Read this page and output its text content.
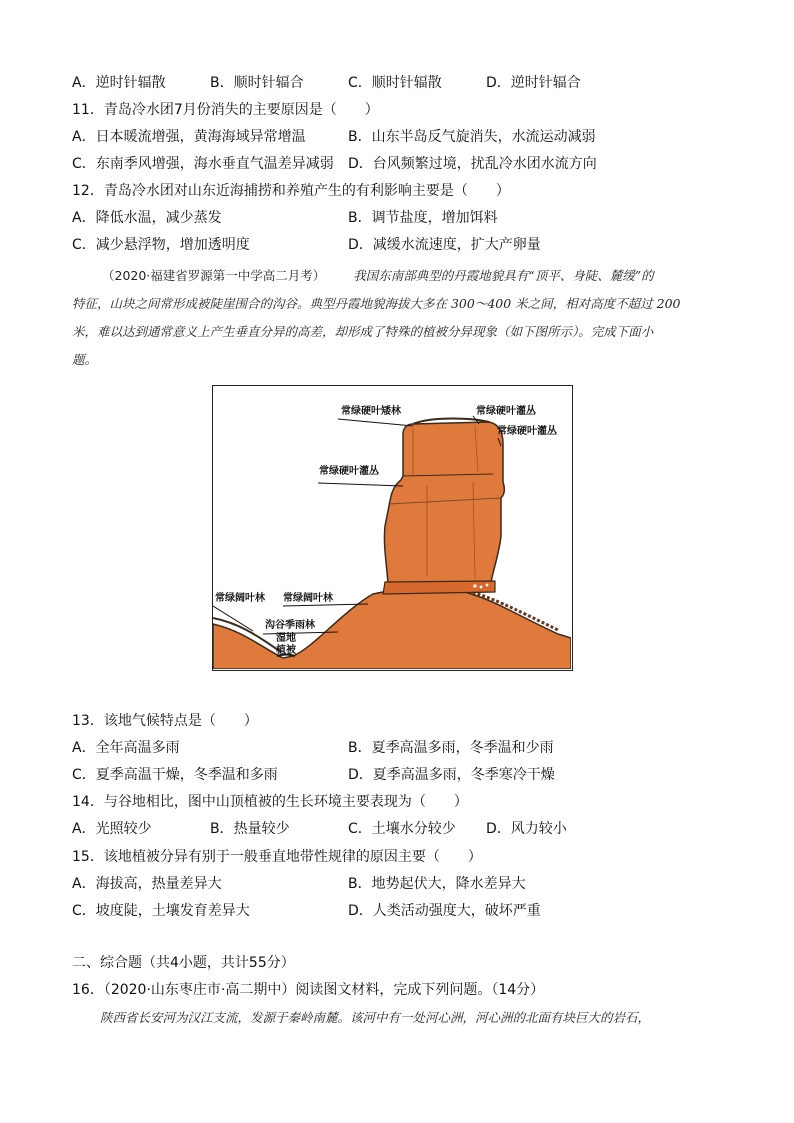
A．逆时针辐散	B．顺时针辐合	C．顺时针辐散	D．逆时针辐合
11．青岛冷水团7月份消失的主要原因是（　　）
A．日本暖流增强，黄海海域异常增温	B．山东半岛反气旋消失，水流运动减弱
C．东南季风增强，海水垂直气温差异减弱 D．台风频繁过境，扰乱冷水团水流方向
12．青岛冷水团对山东近海捕捞和养殖产生的有利影响主要是（　　）
A．降低水温，减少蒸发	B．调节盐度，增加饵料
C．减少悬浮物，增加透明度	D．减缓水流速度，扩大产卵量
（2020·福建省罗源第一中学高二月考） 我国东南部典型的丹霞地貌具有“顶平、身陡、麓缓”的
特征，山块之间常形成被陡崖围合的沟谷。典型丹霞地貌海拔大多在 300～400 米之间，相对高度不超过 200
米，难以达到通常意义上产生垂直分异的高差，却形成了特殊的植被分异现象（如下图所示）。完成下面小
题。
常绿硬叶矮林	常绿硬叶灌丛
常绿硬叶灌丛
常绿硬叶灌丛
常绿阔叶林 常绿阔叶林
沟谷季雨林
湿地
植被
13．该地气候特点是（　　）
A．全年高温多雨	B．夏季高温多雨，冬季温和少雨
C．夏季高温干燥，冬季温和多雨	D．夏季高温多雨，冬季寒冷干燥
14．与谷地相比，图中山顶植被的生长环境主要表现为（　　）
A．光照较少	B．热量较少	C．土壤水分较少 D．风力较小
15．该地植被分异有别于一般垂直地带性规律的原因主要（　　）
A．海拔高，热量差异大	B．地势起伏大，降水差异大
C．坡度陡，土壤发育差异大	D．人类活动强度大，破坏严重
二、综合题（共4小题，共计55分）
16．（2020·山东枣庄市·高二期中）阅读图文材料，完成下列问题。（14分）
陕西省长安河为汉江支流，发源于秦岭南麓。该河中有一处河心洲，河心洲的北面有块巨大的岩石，
